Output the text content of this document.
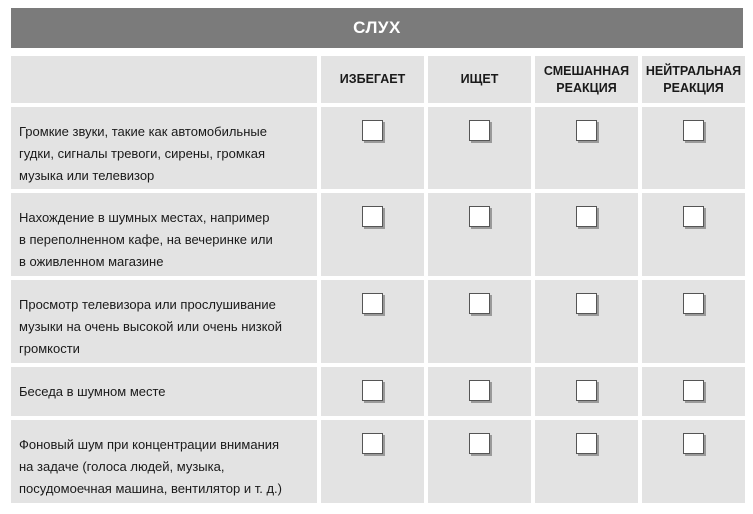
СЛУХ
ИЗБЕГАЕТ	ИЩЕТ
СМЕШАННАЯ
РЕАКЦИЯ
НЕЙТРАЛЬНАЯ
РЕАКЦИЯ
Громкие звуки, такие как автомобильные
гудки, сигналы тревоги, сирены, громкая
музыка или телевизор
Нахождение в шумных местах, например
в переполненном кафе, на вечеринке или
в оживленном магазине
Просмотр телевизора или прослушивание
музыки на очень высокой или очень низкой
громкости
Беседа в шумном месте
Фоновый шум при концентрации внимания
на задаче (голоса людей, музыка,
посудомоечная машина, вентилятор и т. д.)
